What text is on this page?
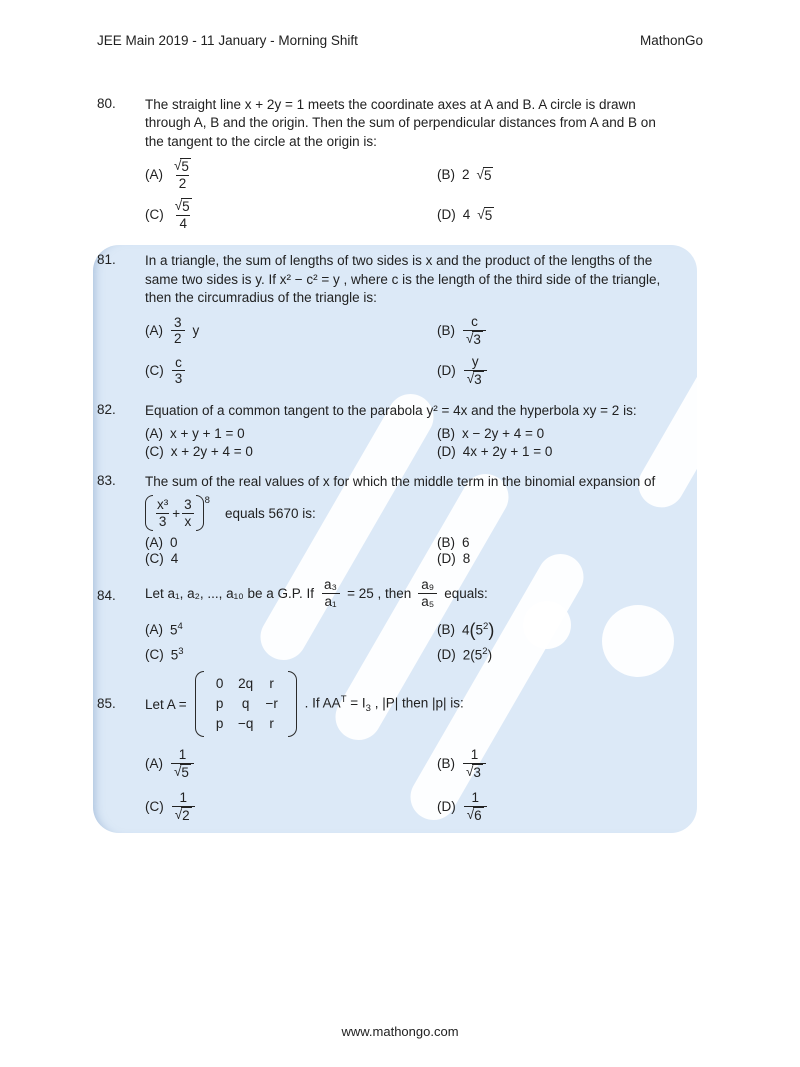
JEE Main 2019 - 11 January - Morning Shift	MathonGo
80.	The straight line x + 2y = 1 meets the coordinate axes at A and B. A circle is drawn
through A, B and the origin. Then the sum of perpendicular distances from A and B on
the tangent to the circle at the origin is:
$(A) \frac{√ 5}{2}$	(B) 2 √ 5
$(C) \frac{√ 5}{4}$	(D) 4 √ 5
81.	In a triangle, the sum of lengths of two sides is x and the product of the lengths of the
same two sides is y. If x² − c² = y , where c is the length of the third side of the triangle,
then the circumradius of the triangle is:
$(A) \frac{3}{2}$ y	$(B) \frac{c}{√ 3}$
$(C) \frac{c}{3}$	$(D) \frac{y}{√ 3}$
82.	Equation of a common tangent to the parabola y² = 4x and the hyperbola xy = 2 is:
(A) x + y + 1 = 0	(B) x − 2y + 4 = 0
(C) x + 2y + 4 = 0	(D) 4x + 2y + 1 = 0
83.	The sum of the real values of x for which the middle term in the binomial expansion of
$\frac{\text{x³}}{3} + \frac{3}{x} 8$
equals 5670 is:
(A) 0	(B) 6
(C) 4	(D) 8
84.	Let a₁, a₂, ..., a₁₀ be a G.P. If $\frac{\text{a₃}}{\text{a₁}} = 25$ , then $\frac{\text{a₉}}{\text{a₅}}$ equals:
(A) $5^4$	(B) $4(5^2)$
(C) $5^3$	(D) $2(5^2)$
85.	Let A =
0	2q	r
p	q	−r
p	−q	r
. If $AA^T = I_3$ , |P| then |p| is:
$(A) \frac{1}{√ 5}$	$(B) \frac{1}{√ 3}$
$(C) \frac{1}{√ 2}$	$(D) \frac{1}{√ 6}$
www.mathongo.com
